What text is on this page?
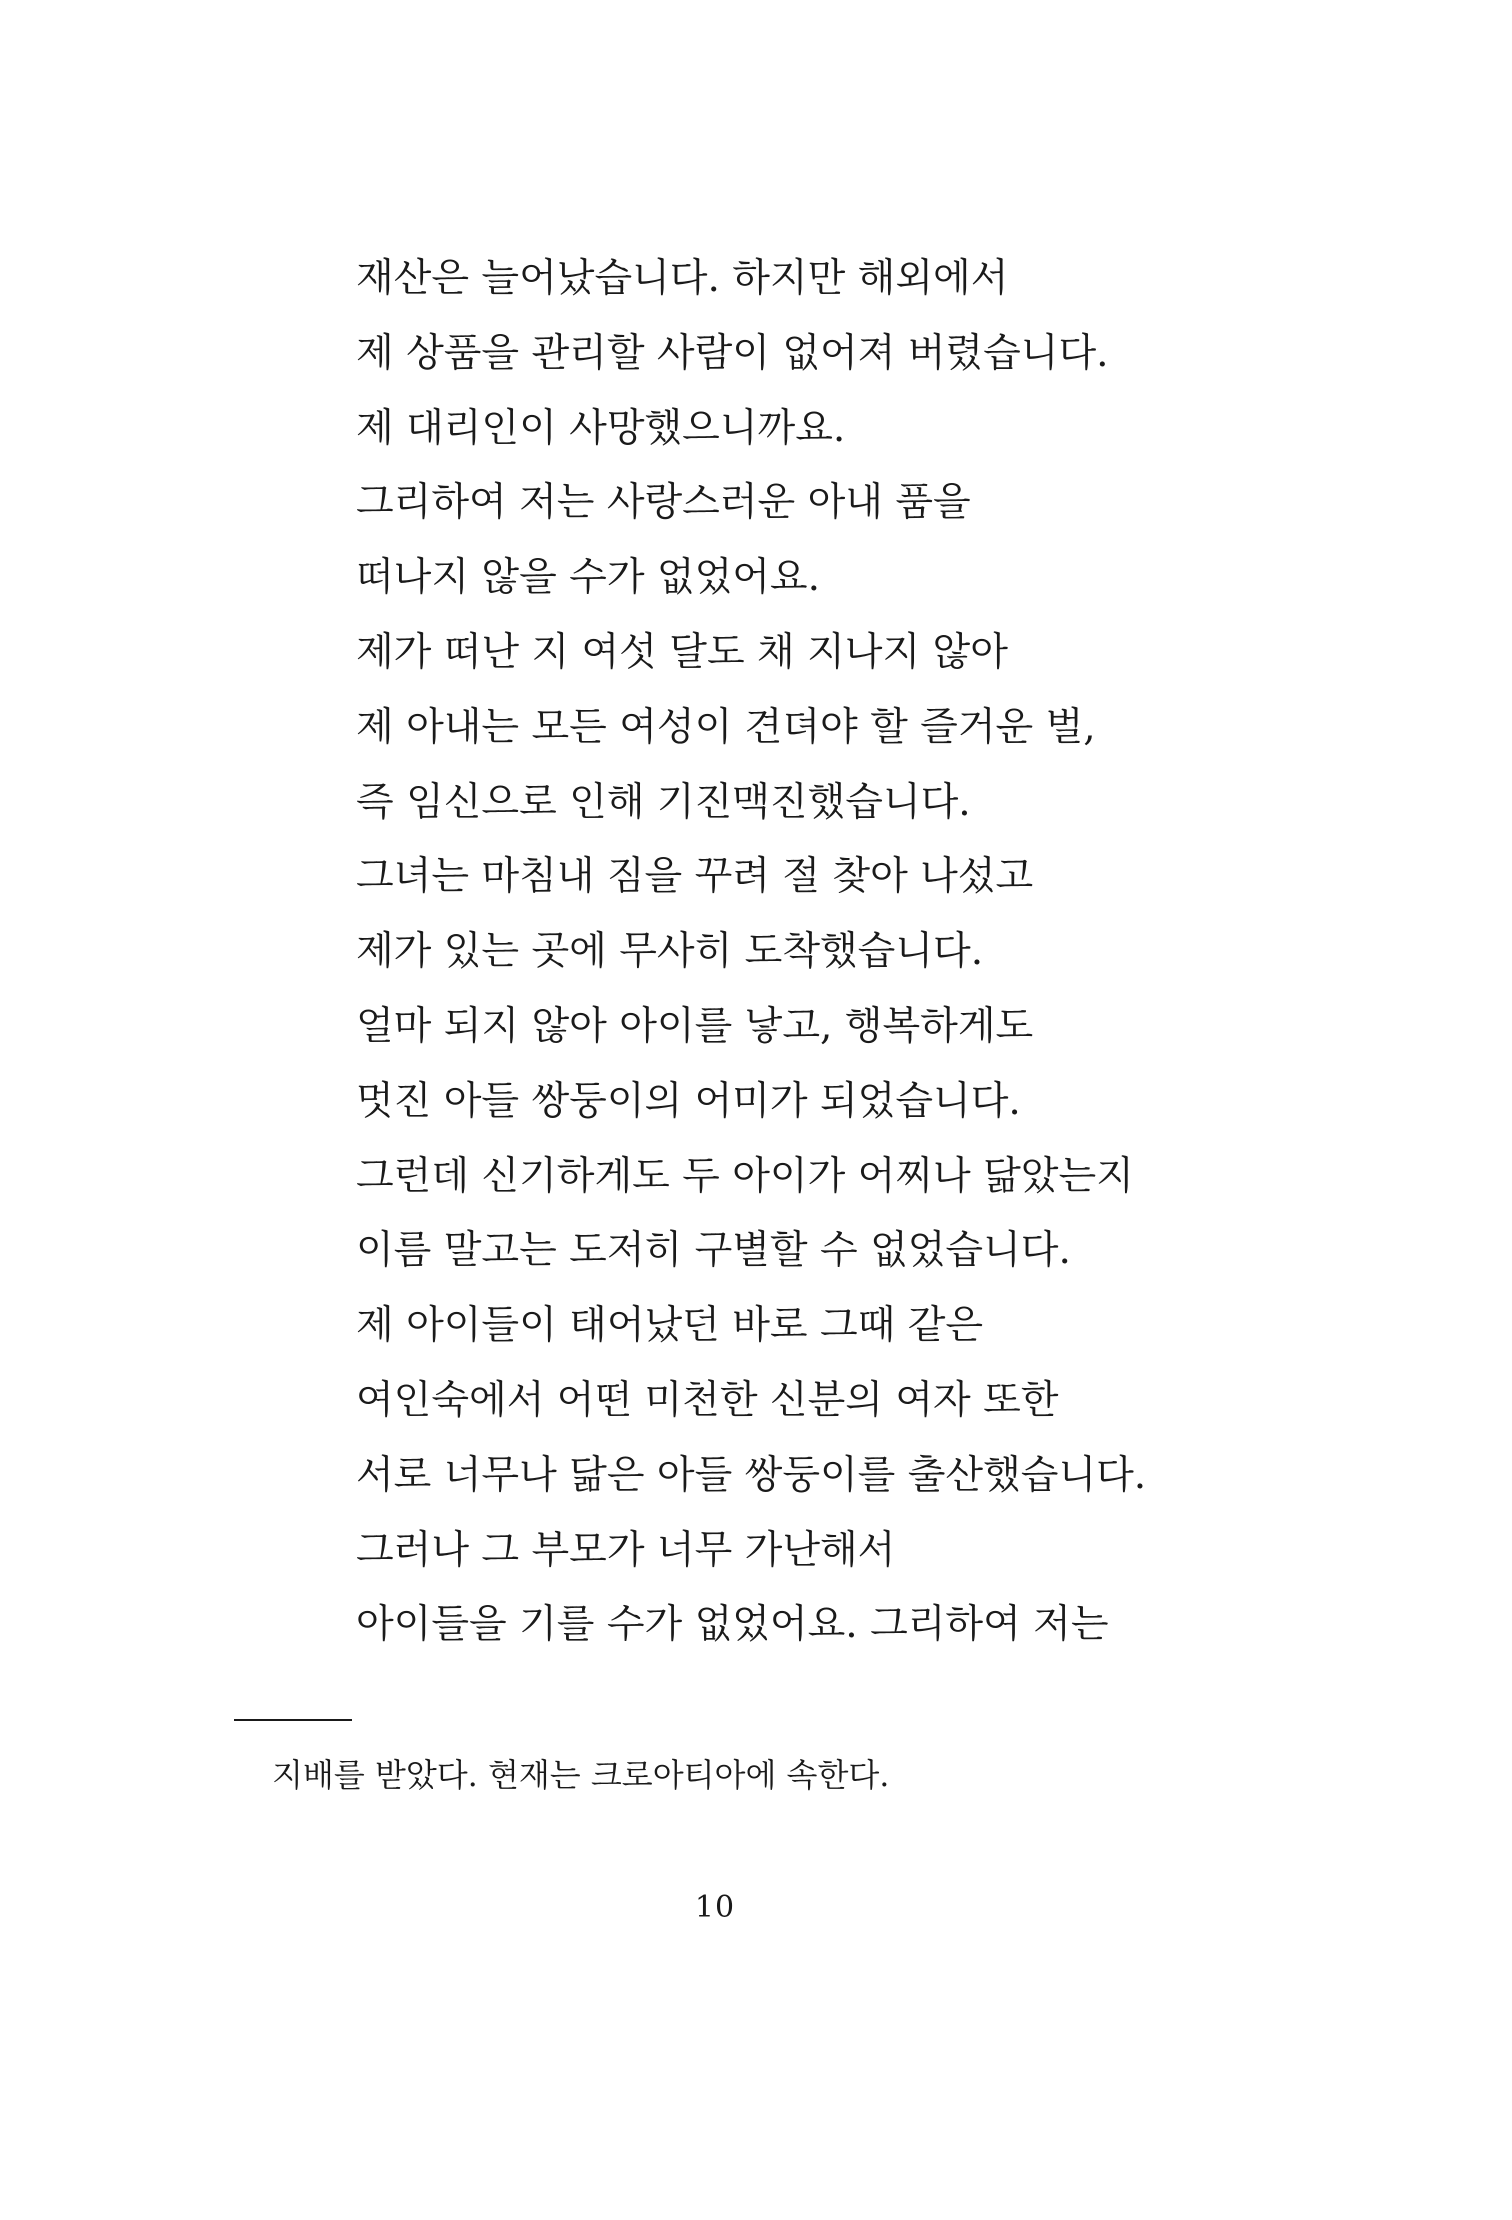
재산은 늘어났습니다. 하지만 해외에서
제 상품을 관리할 사람이 없어져 버렸습니다.
제 대리인이 사망했으니까요.
그리하여 저는 사랑스러운 아내 품을
떠나지 않을 수가 없었어요.
제가 떠난 지 여섯 달도 채 지나지 않아
제 아내는 모든 여성이 견뎌야 할 즐거운 벌,
즉 임신으로 인해 기진맥진했습니다.
그녀는 마침내 짐을 꾸려 절 찾아 나섰고
제가 있는 곳에 무사히 도착했습니다.
얼마 되지 않아 아이를 낳고, 행복하게도
멋진 아들 쌍둥이의 어미가 되었습니다.
그런데 신기하게도 두 아이가 어찌나 닮았는지
이름 말고는 도저히 구별할 수 없었습니다.
제 아이들이 태어났던 바로 그때 같은
여인숙에서 어떤 미천한 신분의 여자 또한
서로 너무나 닮은 아들 쌍둥이를 출산했습니다.
그러나 그 부모가 너무 가난해서
아이들을 기를 수가 없었어요. 그리하여 저는
지배를 받았다. 현재는 크로아티아에 속한다.
10
